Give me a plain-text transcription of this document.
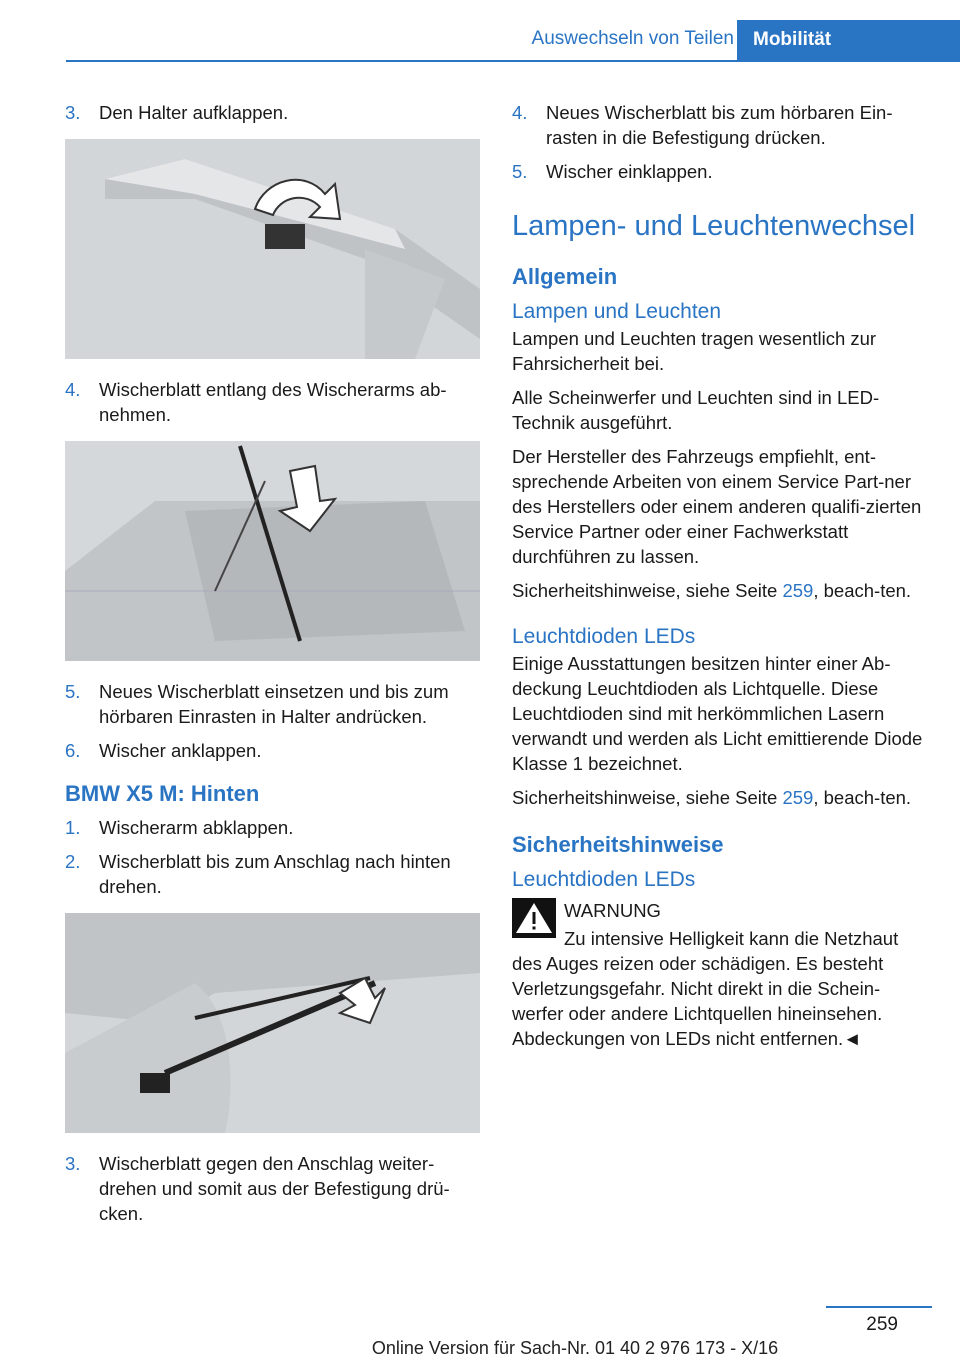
Auswechseln von Teilen	Mobilität
3.	Den Halter aufklappen.
4.	Wischerblatt entlang des Wischerarms ab‐nehmen.
5.	Neues Wischerblatt einsetzen und bis zum hörbaren Einrasten in Halter andrücken.
6.	Wischer anklappen.
BMW X5 M: Hinten
1.	Wischerarm abklappen.
2.	Wischerblatt bis zum Anschlag nach hinten drehen.
3.	Wischerblatt gegen den Anschlag weiter‐drehen und somit aus der Befestigung drü‐cken.
4.	Neues Wischerblatt bis zum hörbaren Ein‐rasten in die Befestigung drücken.
5.	Wischer einklappen.
Lampen- und Leuchtenwechsel
Allgemein
Lampen und Leuchten

Lampen und Leuchten tragen wesentlich zur Fahrsicherheit bei.

Alle Scheinwerfer und Leuchten sind in LED-Technik ausgeführt.

Der Hersteller des Fahrzeugs empfiehlt, ent‐sprechende Arbeiten von einem Service Part‐ner des Herstellers oder einem anderen qualifi‐zierten Service Partner oder einer Fachwerkstatt durchführen zu lassen.

Sicherheitshinweise, siehe Seite 259, beach‐ten.

Leuchtdioden LEDs

Einige Ausstattungen besitzen hinter einer Ab‐deckung Leuchtdioden als Lichtquelle. Diese Leuchtdioden sind mit herkömmlichen Lasern verwandt und werden als Licht emittierende Diode Klasse 1 bezeichnet.

Sicherheitshinweise, siehe Seite 259, beach‐ten.

Sicherheitshinweise
Leuchtdioden LEDs
WARNUNG

Zu intensive Helligkeit kann die Netzhaut des Auges reizen oder schädigen. Es besteht Verletzungsgefahr. Nicht direkt in die Schein‐werfer oder andere Lichtquellen hineinsehen. Abdeckungen von LEDs nicht entfernen.◄

259
Online Version für Sach-Nr. 01 40 2 976 173 - X/16
